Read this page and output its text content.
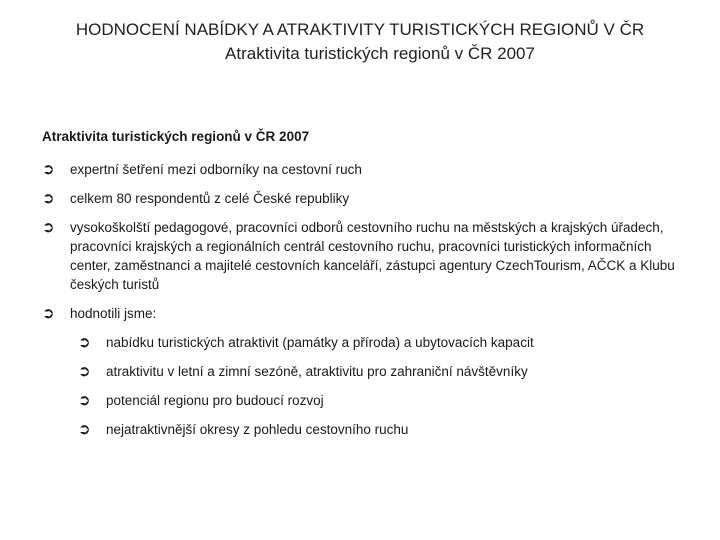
HODNOCENÍ NABÍDKY A ATRAKTIVITY TURISTICKÝCH REGIONŮ V ČR
Atraktivita turistických regionů v ČR 2007
Atraktivita turistických regionů v ČR 2007
➲ expertní šetření mezi odborníky na cestovní ruch
➲ celkem 80 respondentů z celé České republiky
➲ vysokoškolští pedagogové, pracovníci odborů cestovního ruchu na městských a krajských úřadech, pracovníci krajských a regionálních centrál cestovního ruchu, pracovníci turistických informačních center, zaměstnanci a majitelé cestovních kanceláří, zástupci agentury CzechTourism, AČCK a Klubu českých turistů
➲ hodnotili jsme:
➲ nabídku turistických atraktivit (památky a příroda) a ubytovacích kapacit
➲ atraktivitu v letní a zimní sezóně, atraktivitu pro zahraniční návštěvníky
➲ potenciál regionu pro budoucí rozvoj
➲ nejatraktivnější okresy z pohledu cestovního ruchu
